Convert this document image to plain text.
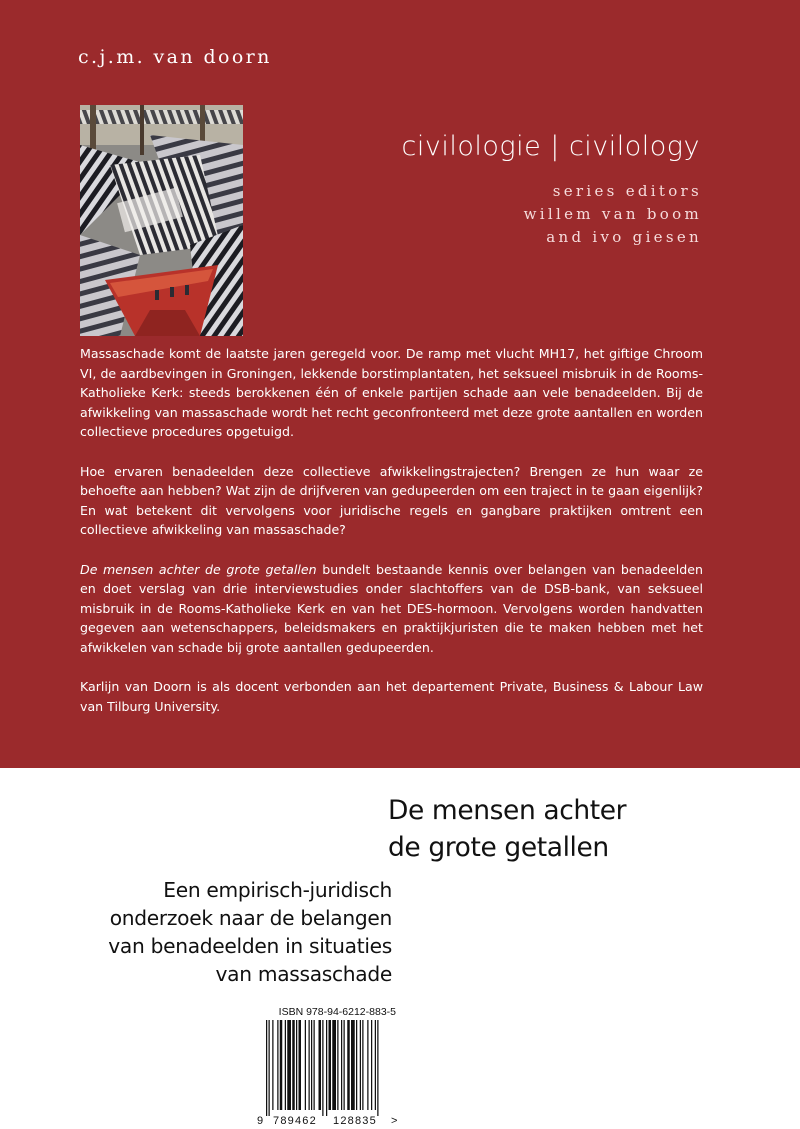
c.j.m. van doorn
civilologie | civilology
series editors
willem van boom
and ivo giesen

Massaschade komt de laatste jaren geregeld voor. De ramp met vlucht MH17, het giftige Chroom VI, de aardbevingen in Groningen, lekkende borstimplantaten, het seksueel misbruik in de Rooms-Katholieke Kerk: steeds berokkenen één of enkele partijen schade aan vele benadeelden. Bij de afwikkeling van massaschade wordt het recht geconfronteerd met deze grote aantallen en worden collectieve procedures opgetuigd.

Hoe ervaren benadeelden deze collectieve afwikkelingstrajecten? Brengen ze hun waar ze behoefte aan hebben? Wat zijn de drijfveren van gedupeerden om een traject in te gaan eigenlijk? En wat betekent dit vervolgens voor juridische regels en gangbare praktijken omtrent een collectieve afwikkeling van massaschade?

De mensen achter de grote getallen bundelt bestaande kennis over belangen van benadeelden en doet verslag van drie interviewstudies onder slachtoffers van de DSB-bank, van seksueel misbruik in de Rooms-Katholieke Kerk en van het DES-hormoon. Vervolgens worden handvatten gegeven aan wetenschappers, beleidsmakers en praktijkjuristen die te maken hebben met het afwikkelen van schade bij grote aantallen gedupeerden.

Karlijn van Doorn is als docent verbonden aan het departement Private, Business & Labour Law van Tilburg University.

De mensen achter
de grote getallen
Een empirisch-juridisch
onderzoek naar de belangen
van benadeelden in situaties
van massaschade
ISBN 978-94-6212-883-5
9 789462 128835 >
